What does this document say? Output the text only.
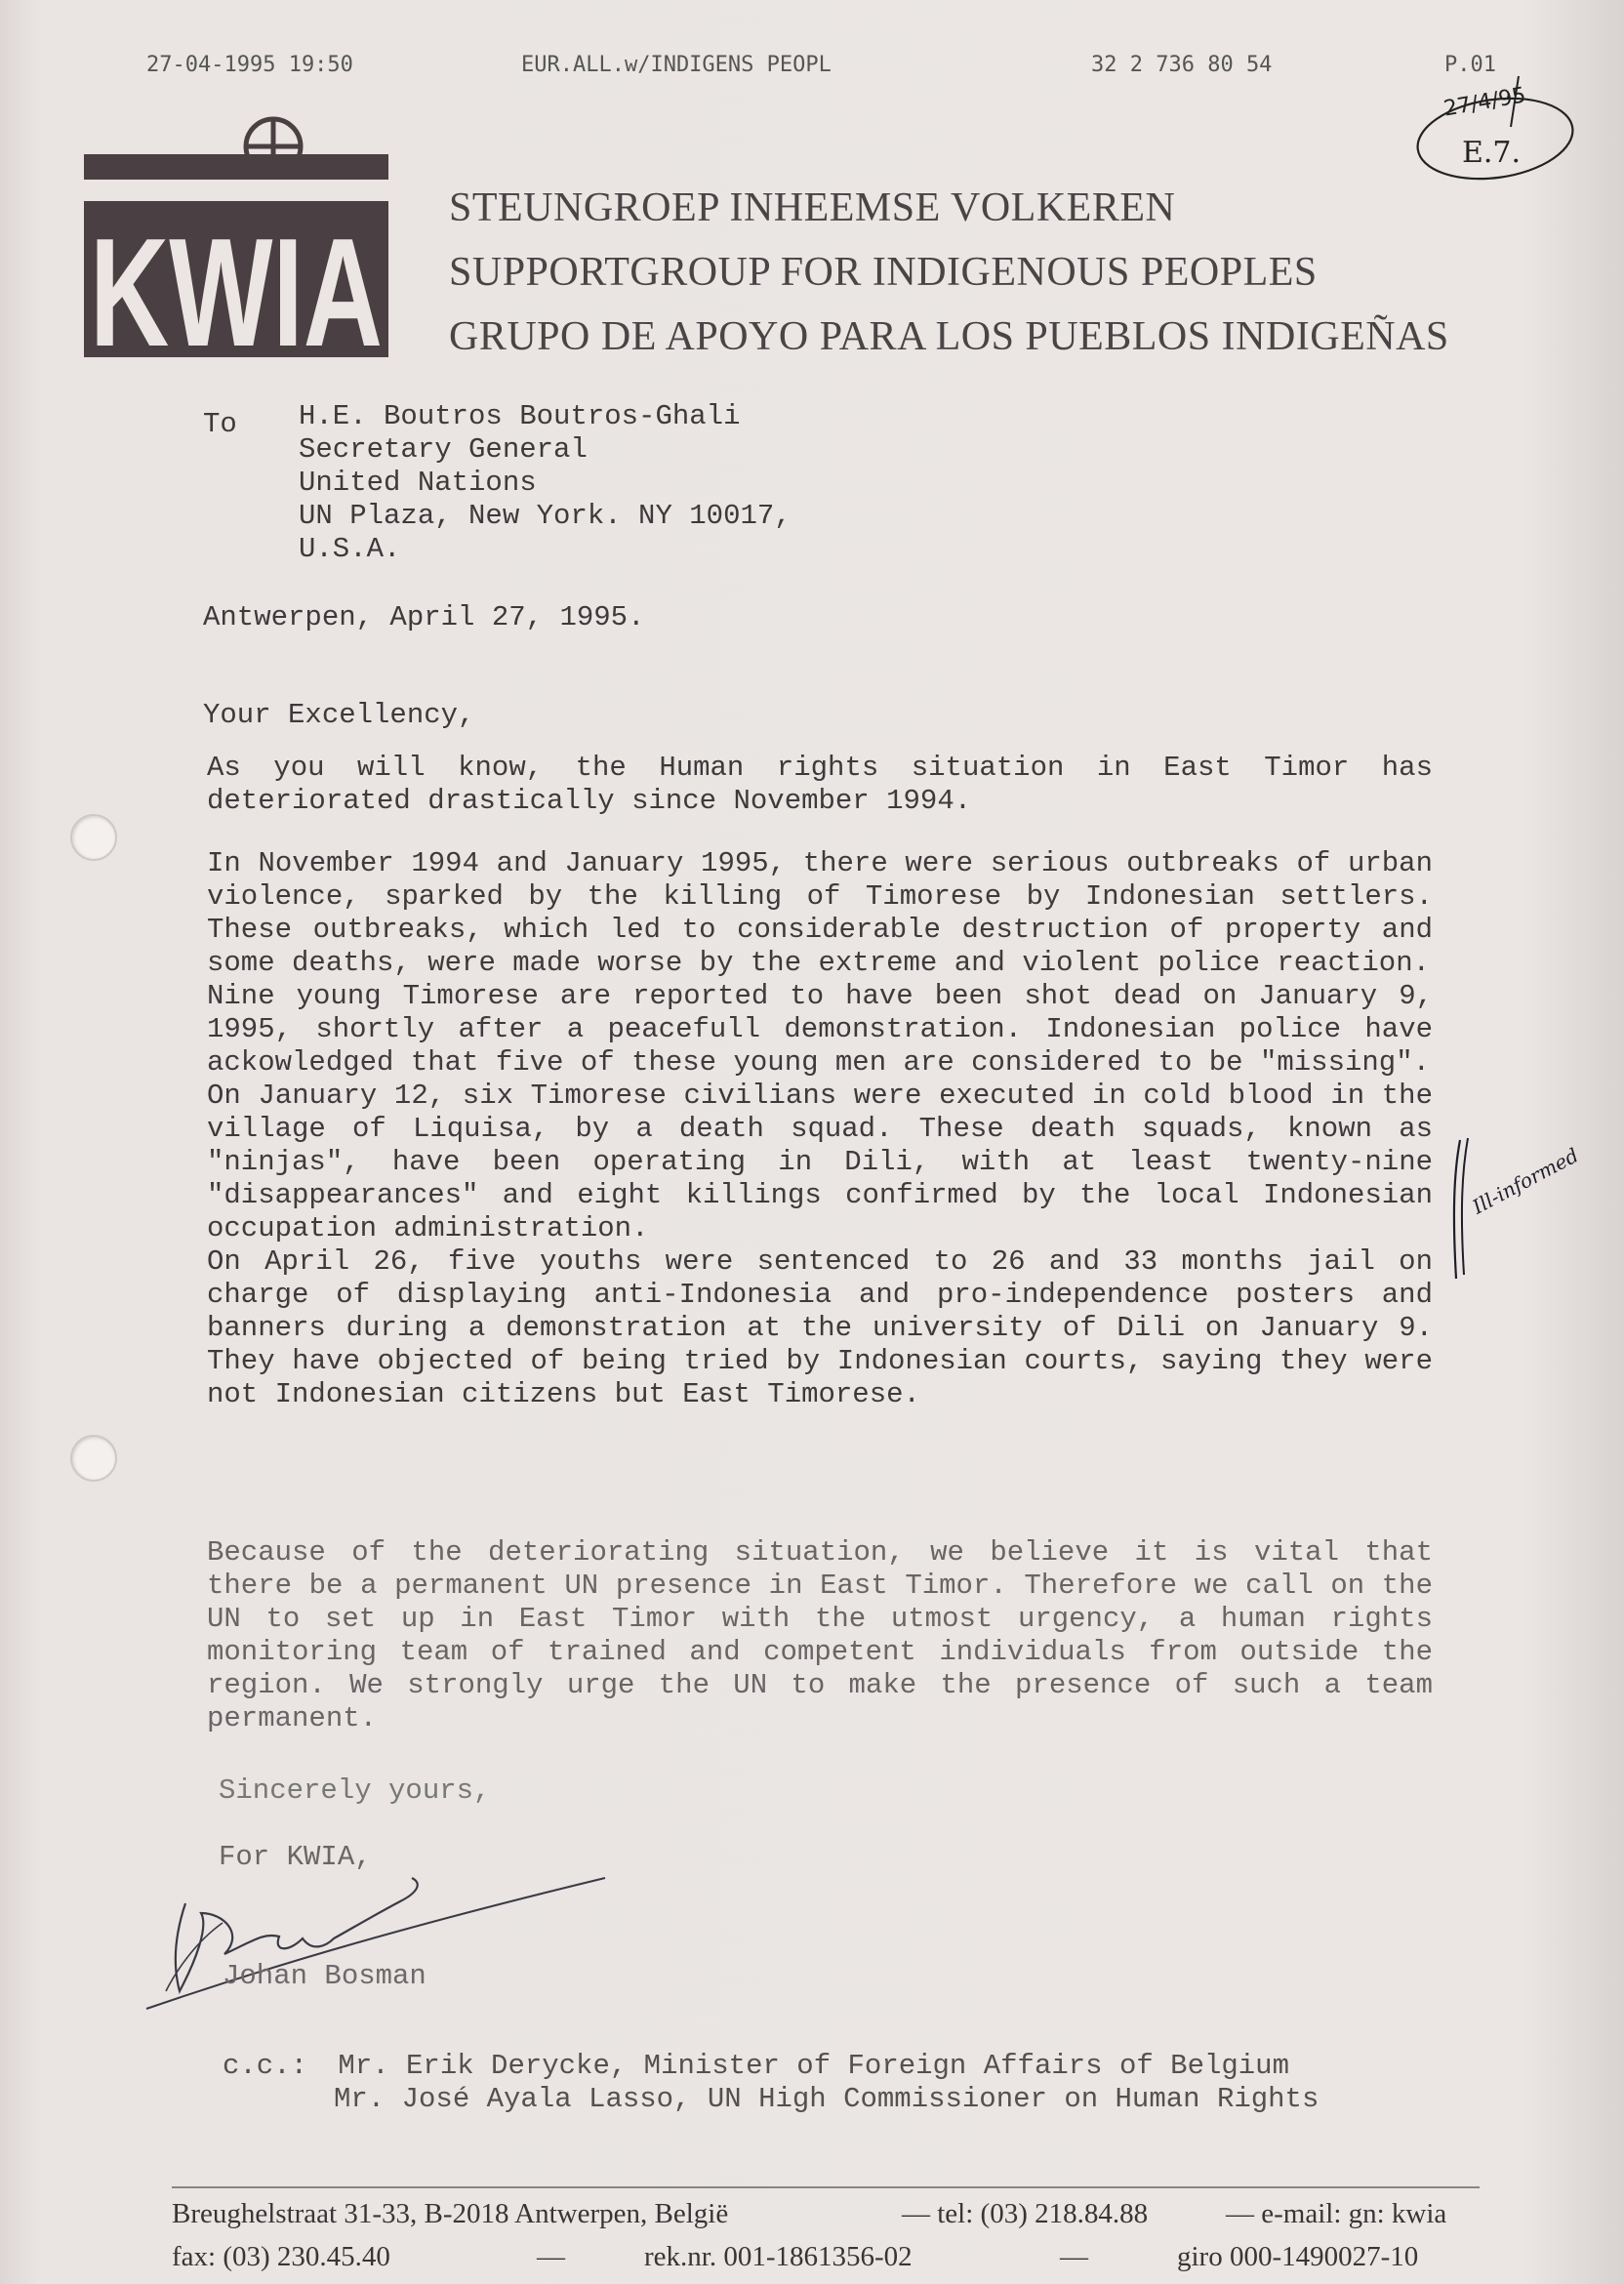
27-04-1995 19:50	EUR.ALL.w/INDIGENS PEOPL	32 2 736 80 54	P.01
27/4/95
E.7.
KWIA STEUNGROEP INHEEMSE VOLKEREN
SUPPORTGROUP FOR INDIGENOUS PEOPLES
GRUPO DE APOYO PARA LOS PUEBLOS INDIGEÑAS
To H.E. Boutros Boutros-Ghali
Secretary General
United Nations
UN Plaza, New York. NY 10017,
U.S.A.
Antwerpen, April 27, 1995.
Your Excellency,

As you will know, the Human rights situation in East Timor has deteriorated drastically since November 1994.

In November 1994 and January 1995, there were serious outbreaks of urban violence, sparked by the killing of Timorese by Indonesian settlers. These outbreaks, which led to considerable destruction of property and some deaths, were made worse by the extreme and violent police reaction.

Nine young Timorese are reported to have been shot dead on January 9, 1995, shortly after a peacefull demonstration. Indonesian police have ackowledged that five of these young men are considered to be "missing".

On January 12, six Timorese civilians were executed in cold blood in the village of Liquisa, by a death squad. These death squads, known as "ninjas", have been operating in Dili, with at least twenty-nine "disappearances" and eight killings confirmed by the local Indonesian occupation administration.

On April 26, five youths were sentenced to 26 and 33 months jail on charge of displaying anti-Indonesia and pro-independence posters and banners during a demonstration at the university of Dili on January 9. They have objected of being tried by Indonesian courts, saying they were not Indonesian citizens but East Timorese.

Ill-informed

Because of the deteriorating situation, we believe it is vital that there be a permanent UN presence in East Timor. Therefore we call on the UN to set up in East Timor with the utmost urgency, a human rights monitoring team of trained and competent individuals from outside the region. We strongly urge the UN to make the presence of such a team permanent.

Sincerely yours,
For KWIA,
Johan Bosman
c.c.: Mr. Erik Derycke, Minister of Foreign Affairs of Belgium
Mr. José Ayala Lasso, UN High Commissioner on Human Rights
Breughelstraat 31-33, B-2018 Antwerpen, België	— tel: (03) 218.84.88	— e-mail: gn: kwia
fax: (03) 230.45.40	—	rek.nr. 001-1861356-02	—	giro 000-1490027-10
